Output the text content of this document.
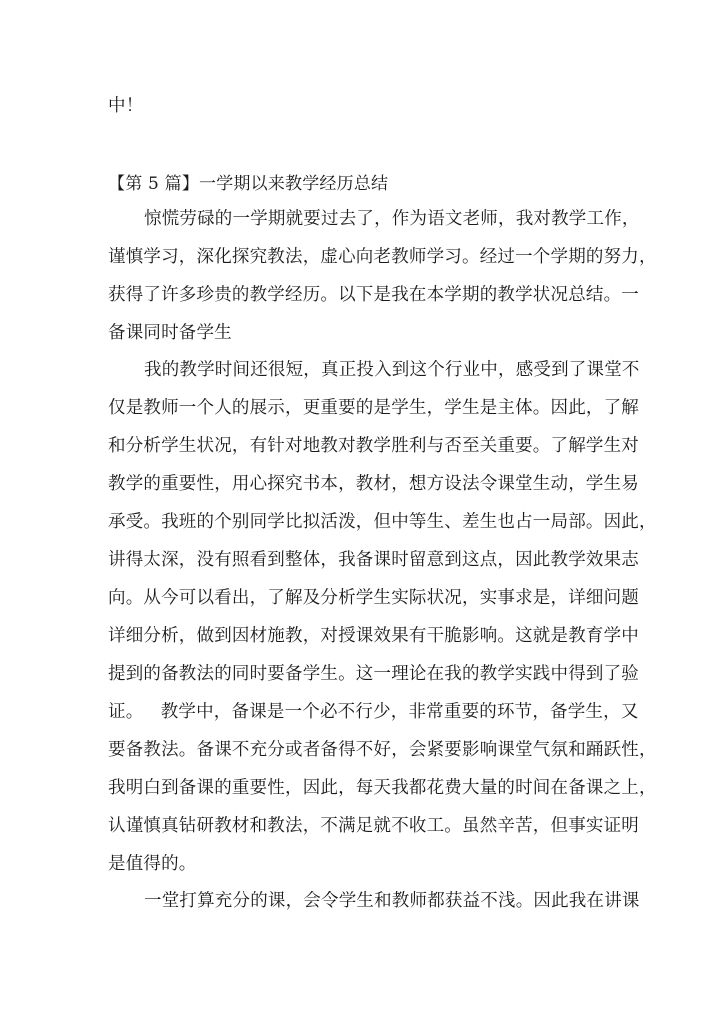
中！
【第 5 篇】一学期以来教学经历总结
惊慌劳碌的一学期就要过去了，作为语文老师，我对教学工作，
谨慎学习，深化探究教法，虚心向老教师学习。经过一个学期的努力，
获得了许多珍贵的教学经历。以下是我在本学期的教学状况总结。一
备课同时备学生
我的教学时间还很短，真正投入到这个行业中，感受到了课堂不
仅是教师一个人的展示，更重要的是学生，学生是主体。因此，了解
和分析学生状况，有针对地教对教学胜利与否至关重要。了解学生对
教学的重要性，用心探究书本，教材，想方设法令课堂生动，学生易
承受。我班的个别同学比拟活泼，但中等生、差生也占一局部。因此，
讲得太深，没有照看到整体，我备课时留意到这点，因此教学效果志
向。从今可以看出，了解及分析学生实际状况，实事求是，详细问题
详细分析，做到因材施教，对授课效果有干脆影响。这就是教育学中
提到的备教法的同时要备学生。这一理论在我的教学实践中得到了验
证。   教学中，备课是一个必不行少，非常重要的环节，备学生，又
要备教法。备课不充分或者备得不好，会紧要影响课堂气氛和踊跃性，
我明白到备课的重要性，因此，每天我都花费大量的时间在备课之上，
认谨慎真钻研教材和教法，不满足就不收工。虽然辛苦，但事实证明
是值得的。
一堂打算充分的课，会令学生和教师都获益不浅。因此我在讲课
